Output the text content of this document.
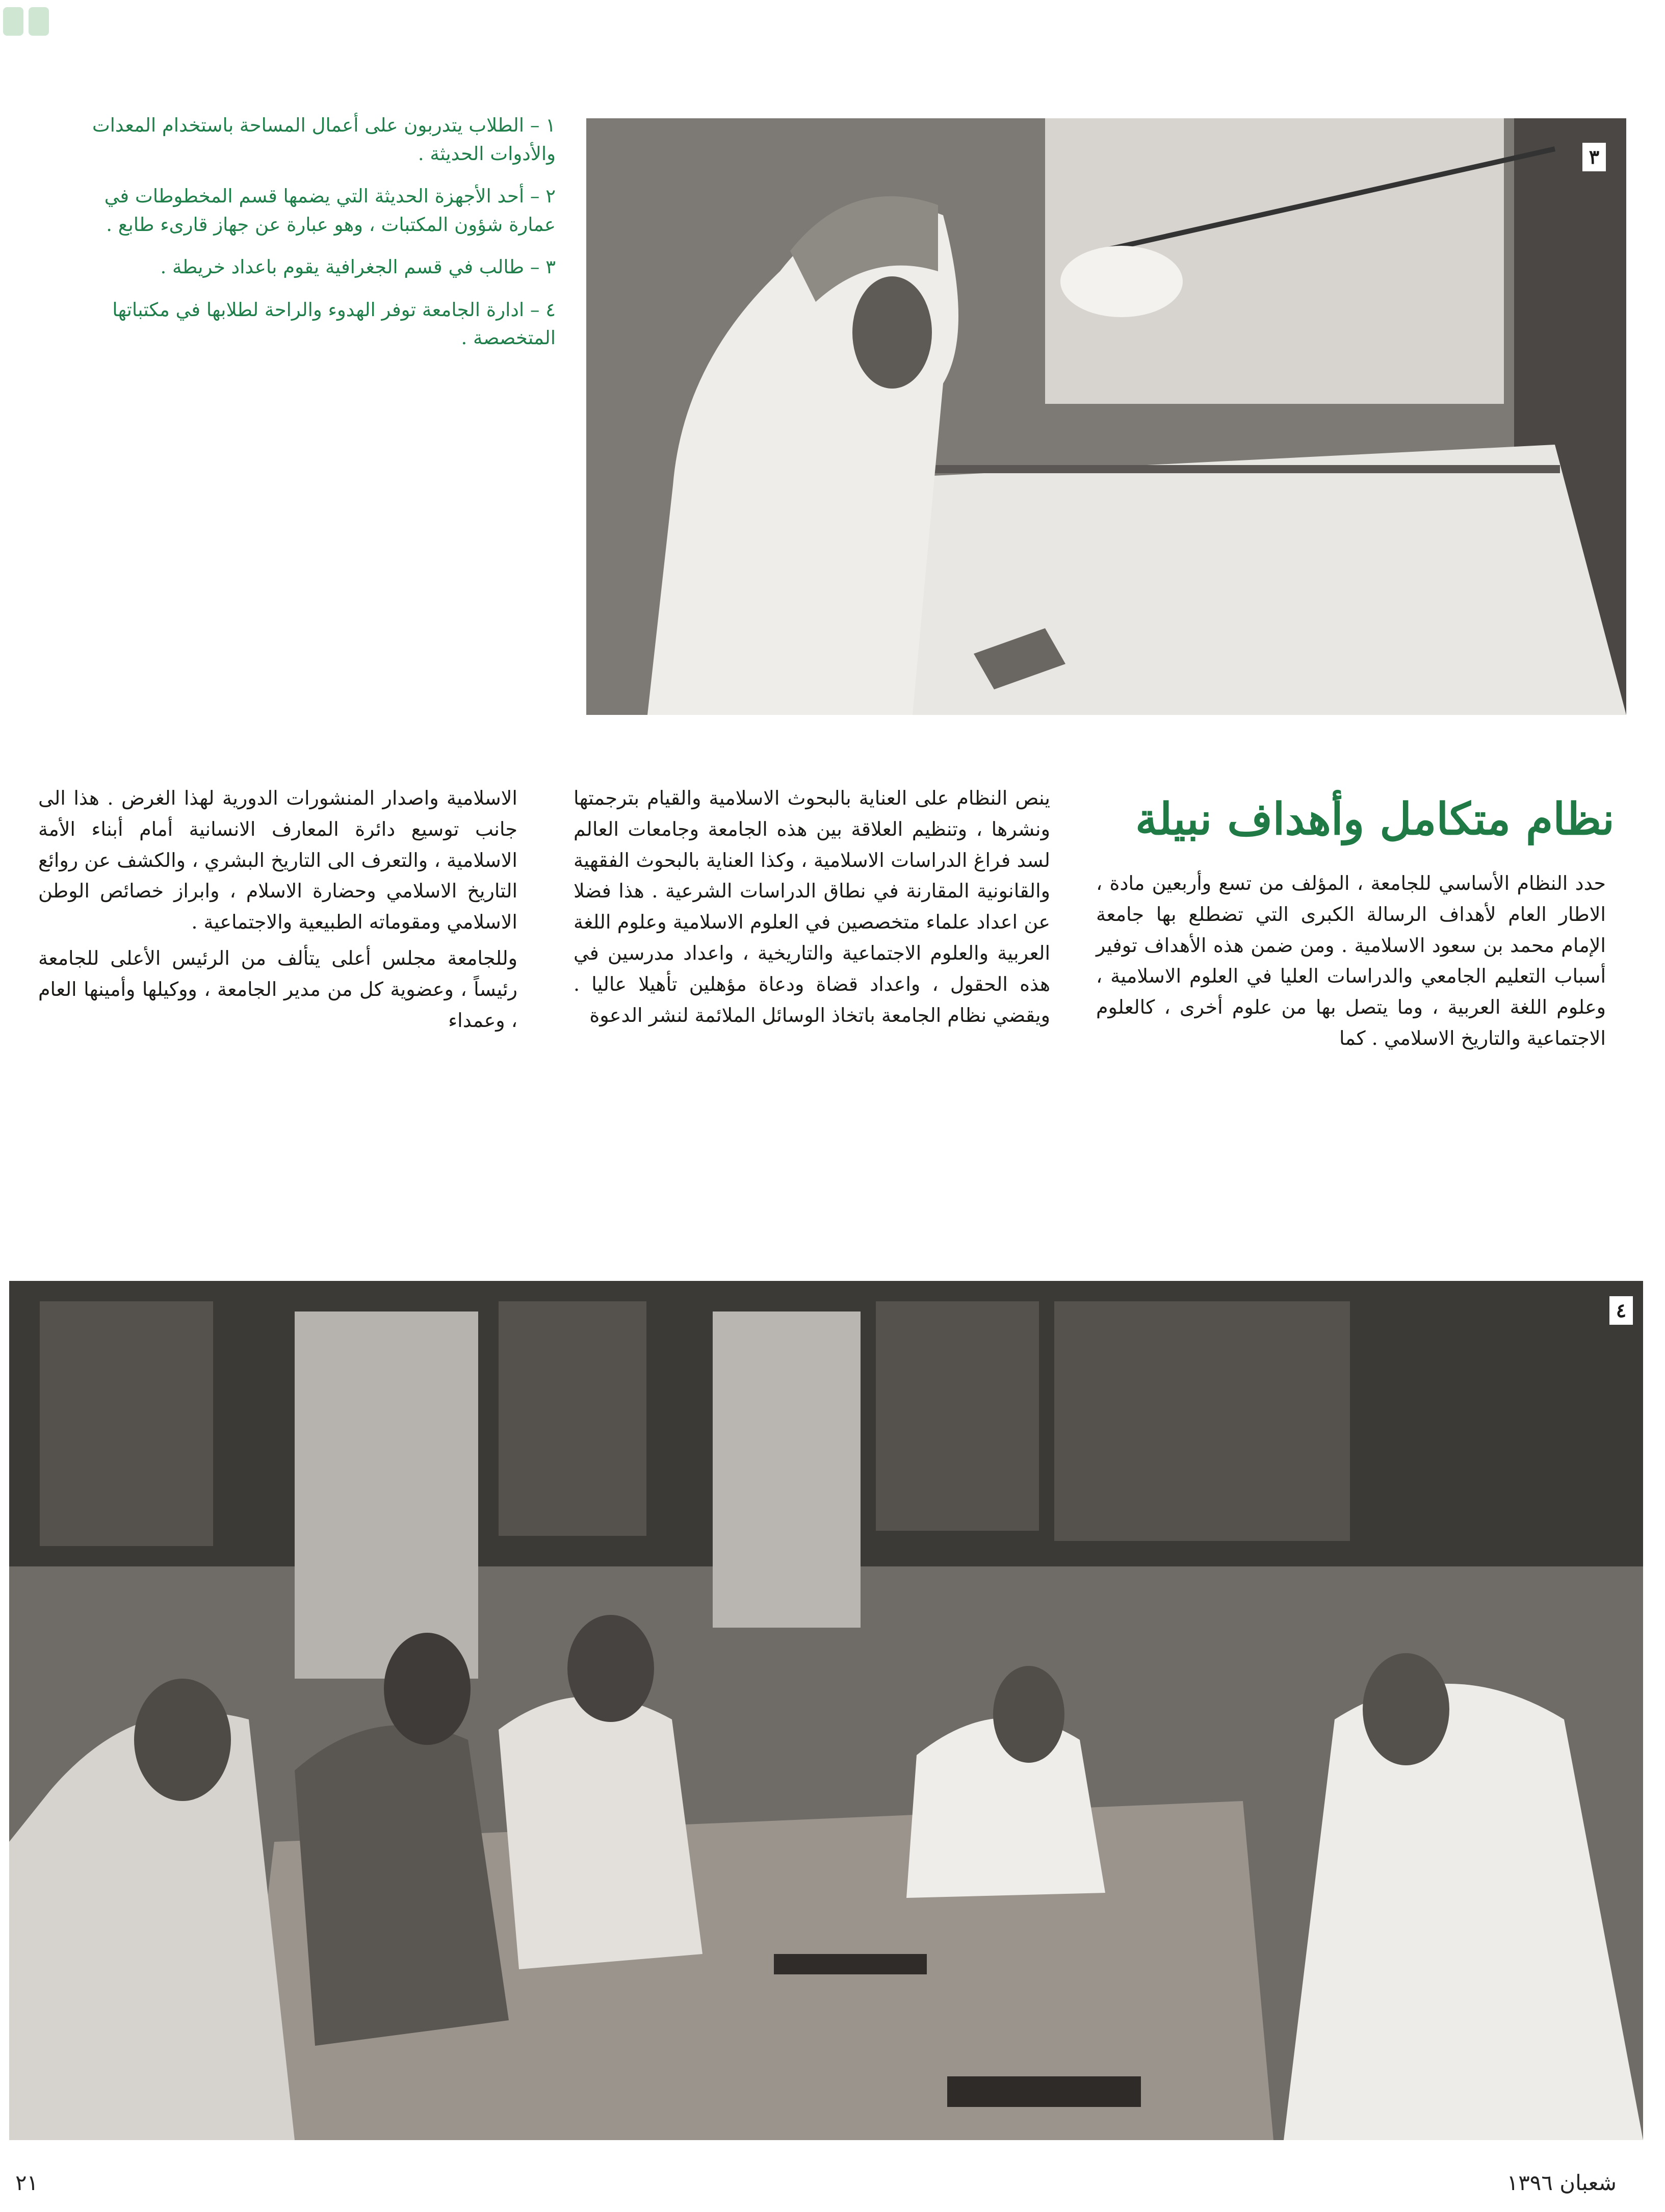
٣

١ – الطلاب يتدربون على أعمال المساحة باستخدام المعدات والأدوات الحديثة .

٢ – أحد الأجهزة الحديثة التي يضمها قسم المخطوطات في عمارة شؤون المكتبات ، وهو عبارة عن جهاز قارىء طابع .

٣ – طالب في قسم الجغرافية يقوم باعداد خريطة .

٤ – ادارة الجامعة توفر الهدوء والراحة لطلابها في مكتباتها المتخصصة .

نظام متكامل وأهداف نبيلة

حدد النظام الأساسي للجامعة ، المؤلف من تسع وأربعين مادة ، الاطار العام لأهداف الرسالة الكبرى التي تضطلع بها جامعة الإمام محمد بن سعود الاسلامية . ومن ضمن هذه الأهداف توفير أسباب التعليم الجامعي والدراسات العليا في العلوم الاسلامية ، وعلوم اللغة العربية ، وما يتصل بها من علوم أخرى ، كالعلوم الاجتماعية والتاريخ الاسلامي . كما

ينص النظام على العناية بالبحوث الاسلامية والقيام بترجمتها ونشرها ، وتنظيم العلاقة بين هذه الجامعة وجامعات العالم لسد فراغ الدراسات الاسلامية ، وكذا العناية بالبحوث الفقهية والقانونية المقارنة في نطاق الدراسات الشرعية . هذا فضلا عن اعداد علماء متخصصين في العلوم الاسلامية وعلوم اللغة العربية والعلوم الاجتماعية والتاريخية ، واعداد مدرسين في هذه الحقول ، واعداد قضاة ودعاة مؤهلين تأهيلا عاليا . ويقضي نظام الجامعة باتخاذ الوسائل الملائمة لنشر الدعوة

الاسلامية واصدار المنشورات الدورية لهذا الغرض . هذا الى جانب توسيع دائرة المعارف الانسانية أمام أبناء الأمة الاسلامية ، والتعرف الى التاريخ البشري ، والكشف عن روائع التاريخ الاسلامي وحضارة الاسلام ، وابراز خصائص الوطن الاسلامي ومقوماته الطبيعية والاجتماعية .

وللجامعة مجلس أعلى يتألف من الرئيس الأعلى للجامعة رئيساً ، وعضوية كل من مدير الجامعة ، ووكيلها وأمينها العام ، وعمداء

٤
شعبان ١٣٩٦
٢١
